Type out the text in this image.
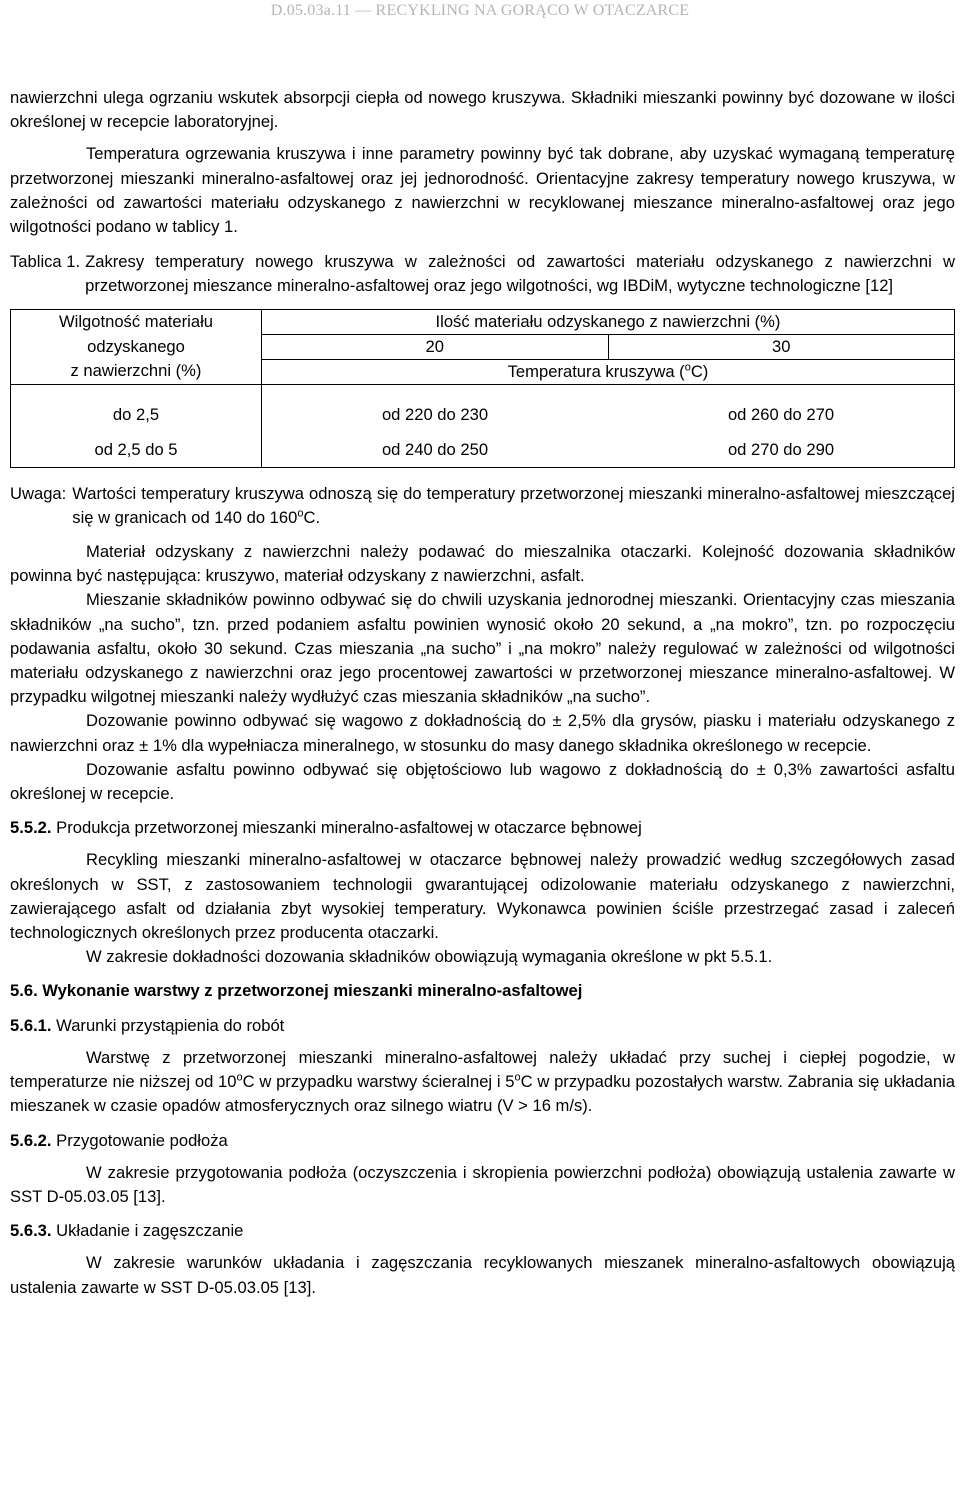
D.05.03a.11 — RECYKLING NA GORĄCO W OTACZARCE

nawierzchni ulega ogrzaniu wskutek absorpcji ciepła od nowego kruszywa. Składniki mieszanki powinny być dozowane w ilości określonej w recepcie laboratoryjnej.

Temperatura ogrzewania kruszywa i inne parametry powinny być tak dobrane, aby uzyskać wymaganą temperaturę przetworzonej mieszanki mineralno-asfaltowej oraz jej jednorodność. Orientacyjne zakresy temperatury nowego kruszywa, w zależności od zawartości materiału odzyskanego z nawierzchni w recyklowanej mieszance mineralno-asfaltowej oraz jego wilgotności podano w tablicy 1.

Tablica 1. Zakresy temperatury nowego kruszywa w zależności od zawartości materiału odzyskanego z nawierzchni w przetworzonej mieszance mineralno-asfaltowej oraz jego wilgotności, wg IBDiM, wytyczne technologiczne [12]
Wilgotność materiału	Ilość materiału odzyskanego z nawierzchni (%)	
odzyskanego	20	30
z nawierzchni (%)	Temperatura kruszywa ($^o$C)	

do 2,5	od 220 do 230	od 260 do 270
od 2,5 do 5	od 240 do 250	od 270 do 290
Uwaga: Wartości temperatury kruszywa odnoszą się do temperatury przetworzonej mieszanki mineralno-asfaltowej mieszczącej się w granicach od 140 do 160$^o$C.

Materiał odzyskany z nawierzchni należy podawać do mieszalnika otaczarki. Kolejność dozowania składników powinna być następująca: kruszywo, materiał odzyskany z nawierzchni, asfalt.

Mieszanie składników powinno odbywać się do chwili uzyskania jednorodnej mieszanki. Orientacyjny czas mieszania składników „na sucho”, tzn. przed podaniem asfaltu powinien wynosić około 20 sekund, a „na mokro”, tzn. po rozpoczęciu podawania asfaltu, około 30 sekund. Czas mieszania „na sucho” i „na mokro” należy regulować w zależności od wilgotności materiału odzyskanego z nawierzchni oraz jego procentowej zawartości w przetworzonej mieszance mineralno-asfaltowej. W przypadku wilgotnej mieszanki należy wydłużyć czas mieszania składników „na sucho”.

Dozowanie powinno odbywać się wagowo z dokładnością do ± 2,5% dla grysów, piasku i materiału odzyskanego z nawierzchni oraz ± 1% dla wypełniacza mineralnego, w stosunku do masy danego składnika określonego w recepcie.

Dozowanie asfaltu powinno odbywać się objętościowo lub wagowo z dokładnością do ± 0,3% zawartości asfaltu określonej w recepcie.

5.5.2. Produkcja przetworzonej mieszanki mineralno-asfaltowej w otaczarce bębnowej

Recykling mieszanki mineralno-asfaltowej w otaczarce bębnowej należy prowadzić według szczegółowych zasad określonych w SST, z zastosowaniem technologii gwarantującej odizolowanie materiału odzyskanego z nawierzchni, zawierającego asfalt od działania zbyt wysokiej temperatury. Wykonawca powinien ściśle przestrzegać zasad i zaleceń technologicznych określonych przez producenta otaczarki.

W zakresie dokładności dozowania składników obowiązują wymagania określone w pkt 5.5.1.

5.6. Wykonanie warstwy z przetworzonej mieszanki mineralno-asfaltowej

5.6.1. Warunki przystąpienia do robót

Warstwę z przetworzonej mieszanki mineralno-asfaltowej należy układać przy suchej i ciepłej pogodzie, w temperaturze nie niższej od 10$^o$C w przypadku warstwy ścieralnej i 5$^o$C w przypadku pozostałych warstw. Zabrania się układania mieszanek w czasie opadów atmosferycznych oraz silnego wiatru (V > 16 m/s).

5.6.2. Przygotowanie podłoża

W zakresie przygotowania podłoża (oczyszczenia i skropienia powierzchni podłoża) obowiązują ustalenia zawarte w SST D-05.03.05 [13].

5.6.3. Układanie i zagęszczanie

W zakresie warunków układania i zagęszczania recyklowanych mieszanek mineralno-asfaltowych obowiązują ustalenia zawarte w SST D-05.03.05 [13].
